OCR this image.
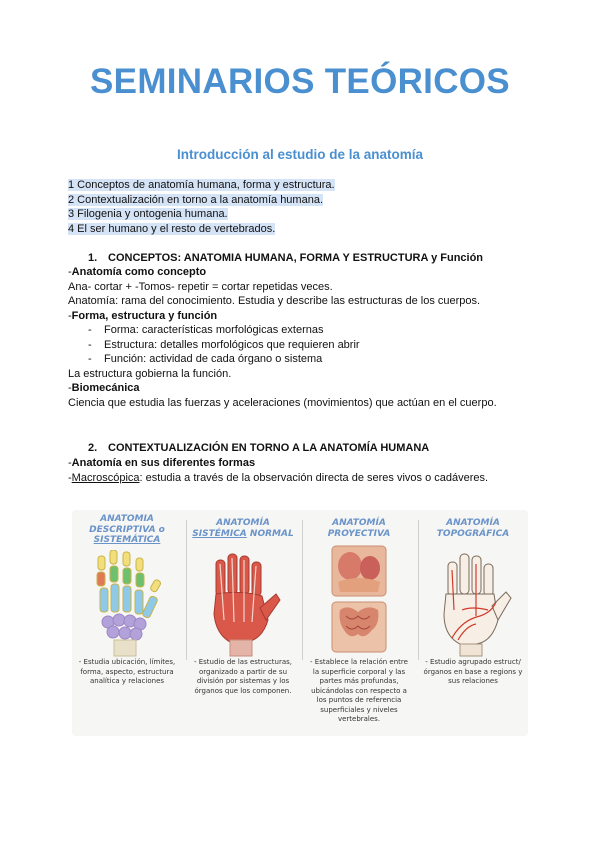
SEMINARIOS TEÓRICOS
Introducción al estudio de la anatomía
1 Conceptos de anatomía humana, forma y estructura.
2 Contextualización en torno a la anatomía humana.
3 Filogenia y ontogenia humana.
4 El ser humano y el resto de vertebrados.
1. CONCEPTOS: ANATOMIA HUMANA, FORMA Y ESTRUCTURA y Función
-Anatomía como concepto
Ana- cortar + -Tomos- repetir = cortar repetidas veces.
Anatomía: rama del conocimiento. Estudia y describe las estructuras de los cuerpos.
-Forma, estructura y función
- Forma: características morfológicas externas
- Estructura: detalles morfológicos que requieren abrir
- Función: actividad de cada órgano o sistema
La estructura gobierna la función.
-Biomecánica
Ciencia que estudia las fuerzas y aceleraciones (movimientos) que actúan en el cuerpo.
2. CONTEXTUALIZACIÓN EN TORNO A LA ANATOMÍA HUMANA
-Anatomía en sus diferentes formas
-Macroscópica: estudia a través de la observación directa de seres vivos o cadáveres.
ANATOMIA
DESCRIPTIVA o
SISTEMÁTICA
- Estudia ubicación, límites, forma, aspecto, estructura analítica y relaciones
ANATOMÍA
SISTÉMICA NORMAL
- Estudio de las estructuras, organizado a partir de su división por sistemas y los órganos que los componen.
ANATOMÍA
PROYECTIVA
- Establece la relación entre la superficie corporal y las partes más profundas, ubicándolas con respecto a los puntos de referencia superficiales y niveles vertebrales.
ANATOMÍA
TOPOGRÁFICA
- Estudio agrupado estruct/órganos en base a regions y sus relaciones
